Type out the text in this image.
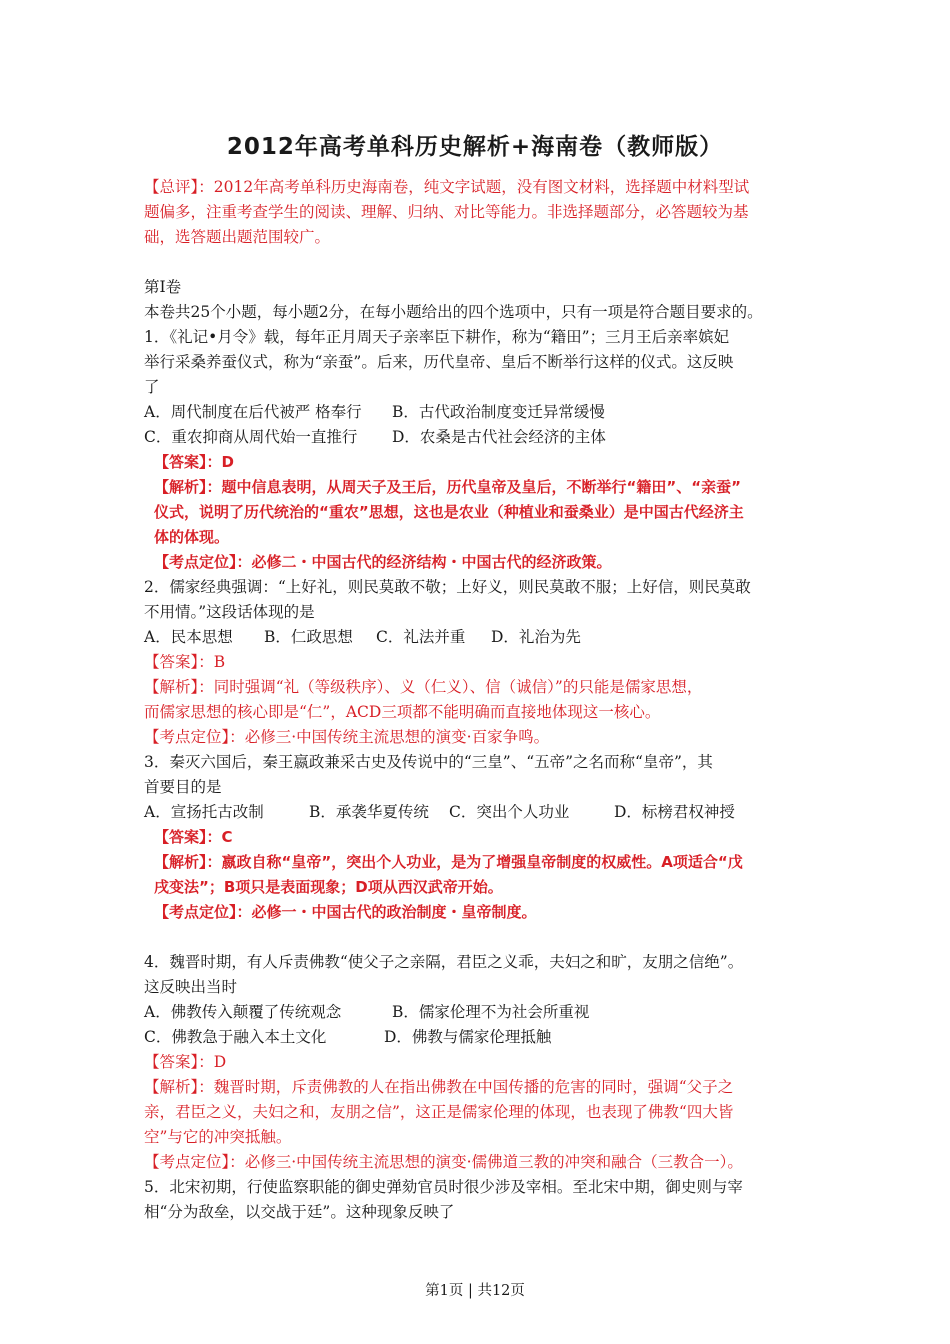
2012年高考单科历史解析+海南卷（教师版）
【总评】：2012年高考单科历史海南卷，纯文字试题，没有图文材料，选择题中材料型试
题偏多，注重考查学生的阅读、理解、归纳、对比等能力。非选择题部分，必答题较为基
础，选答题出题范围较广。
第Ⅰ卷
本卷共25个小题，每小题2分，在每小题给出的四个选项中，只有一项是符合题目要求的。
1．《礼记•月令》载，每年正月周天子亲率臣下耕作，称为“籍田”；三月王后亲率嫔妃
举行采桑养蚕仪式，称为“亲蚕”。后来，历代皇帝、皇后不断举行这样的仪式。这反映
了
A．周代制度在后代被严 格奉行 B．古代政治制度变迁异常缓慢
C．重农抑商从周代始一直推行 D．农桑是古代社会经济的主体
【答案】：D
【解析】：题中信息表明，从周天子及王后，历代皇帝及皇后，不断举行“籍田”、“亲蚕”
仪式，说明了历代统治的“重农”思想，这也是农业（种植业和蚕桑业）是中国古代经济主
体的体现。
【考点定位】：必修二・中国古代的经济结构・中国古代的经济政策。
2．儒家经典强调：“上好礼，则民莫敢不敬；上好义，则民莫敢不服；上好信，则民莫敢
不用情。”这段话体现的是
A．民本思想 B．仁政思想 C．礼法并重 D．礼治为先
【答案】：B
【解析】：同时强调“礼（等级秩序）、义（仁义）、信（诚信）”的只能是儒家思想，
而儒家思想的核心即是“仁”，ACD三项都不能明确而直接地体现这一核心。
【考点定位】：必修三·中国传统主流思想的演变·百家争鸣。
3．秦灭六国后，秦王嬴政兼采古史及传说中的“三皇”、“五帝”之名而称“皇帝”，其
首要目的是
A．宣扬托古改制	B．承袭华夏传统 C．突出个人功业	D．标榜君权神授
【答案】：C
【解析】：嬴政自称“皇帝”，突出个人功业，是为了增强皇帝制度的权威性。A项适合“戊
戌变法”；B项只是表面现象；D项从西汉武帝开始。
【考点定位】：必修一・中国古代的政治制度・皇帝制度。
4．魏晋时期，有人斥责佛教“使父子之亲隔，君臣之义乖，夫妇之和旷，友朋之信绝”。
这反映出当时
A．佛教传入颠覆了传统观念	B．儒家伦理不为社会所重视
C．佛教急于融入本土文化	D．佛教与儒家伦理抵触
【答案】：D
【解析】：魏晋时期，斥责佛教的人在指出佛教在中国传播的危害的同时，强调“父子之
亲，君臣之义，夫妇之和，友朋之信”，这正是儒家伦理的体现，也表现了佛教“四大皆
空”与它的冲突抵触。
【考点定位】：必修三·中国传统主流思想的演变·儒佛道三教的冲突和融合（三教合一）。
5．北宋初期，行使监察职能的御史弹劾官员时很少涉及宰相。至北宋中期，御史则与宰
相“分为敌垒，以交战于廷”。这种现象反映了
第1页 | 共12页
